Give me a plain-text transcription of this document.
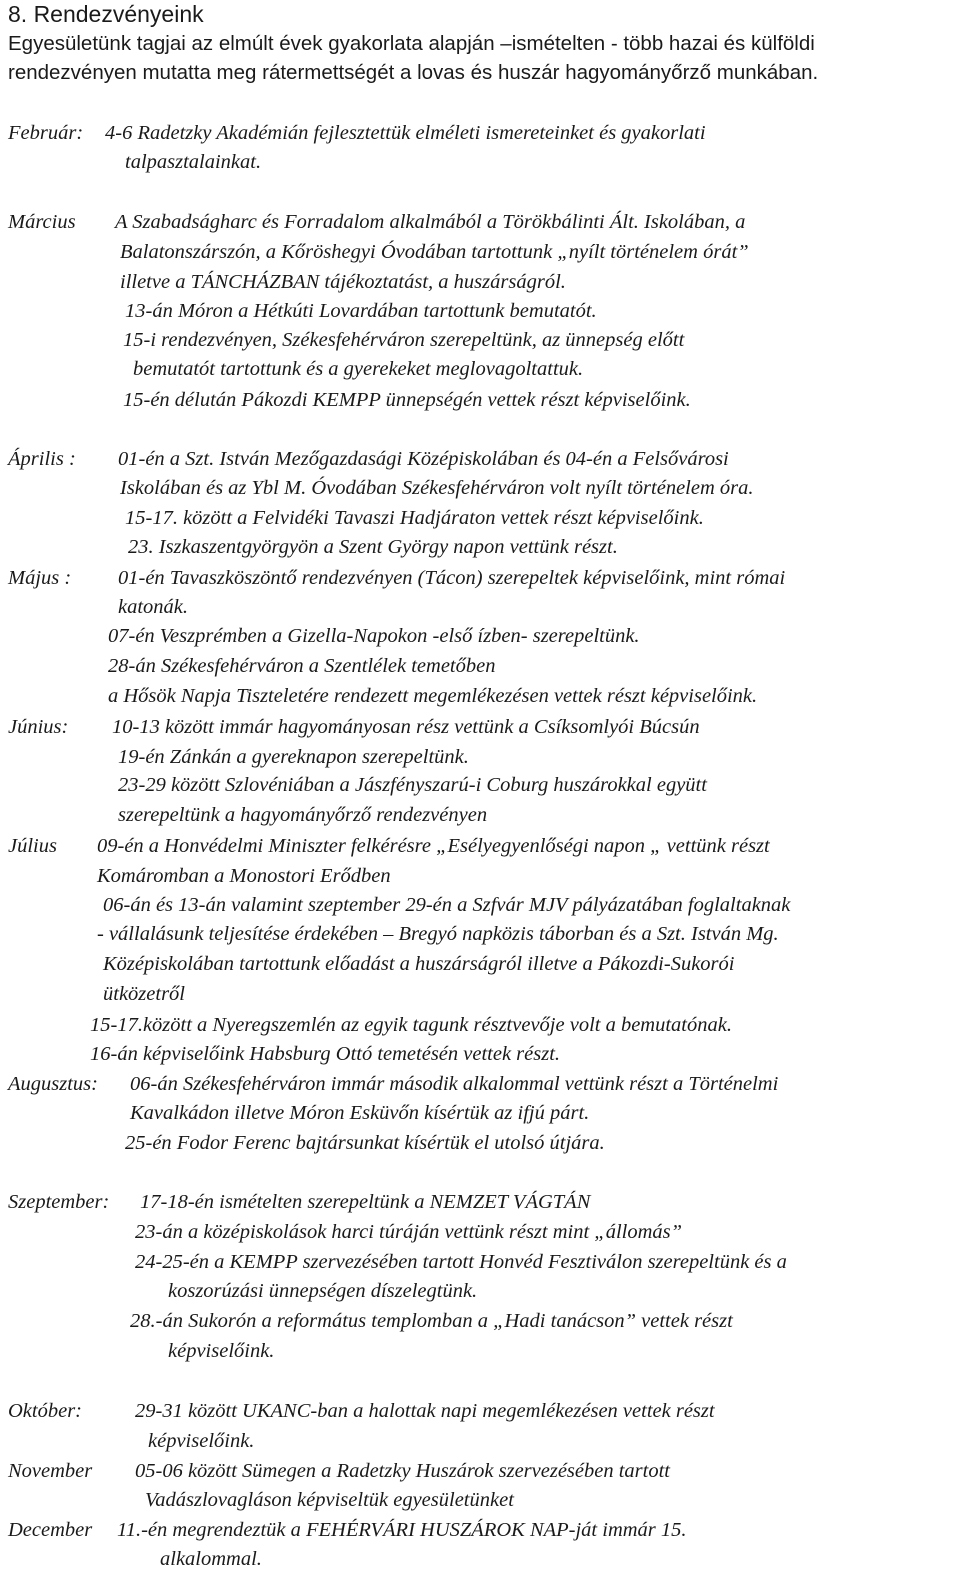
8. Rendezvényeink
Egyesületünk tagjai az elmúlt évek gyakorlata alapján –ismételten - több hazai és külföldi
rendezvényen mutatta meg rátermettségét a lovas és huszár hagyományőrző munkában.
Február: 4-6 Radetzky Akadémián fejlesztettük elméleti ismereteinket és gyakorlati
talpasztalainkat.
Március A Szabadságharc és Forradalom alkalmából a Törökbálinti Ált. Iskolában, a
Balatonszárszón, a Kőröshegyi Óvodában tartottunk „nyílt történelem órát”
illetve a TÁNCHÁZBAN tájékoztatást, a huszárságról.
13-án Móron a Hétkúti Lovardában tartottunk bemutatót.
15-i rendezvényen, Székesfehérváron szerepeltünk, az ünnepség előtt
bemutatót tartottunk és a gyerekeket meglovagoltattuk.
15-én délután Pákozdi KEMPP ünnepségén vettek részt képviselőink.
Április : 01-én a Szt. István Mezőgazdasági Középiskolában és 04-én a Felsővárosi
Iskolában és az Ybl M. Óvodában Székesfehérváron volt nyílt történelem óra.
15-17. között a Felvidéki Tavaszi Hadjáraton vettek részt képviselőink.
23. Iszkaszentgyörgyön a Szent György napon vettünk részt.
Május : 01-én Tavaszköszöntő rendezvényen (Tácon) szerepeltek képviselőink, mint római
katonák.
07-én Veszprémben a Gizella-Napokon -első ízben- szerepeltünk.
28-án Székesfehérváron a Szentlélek temetőben
a Hősök Napja Tiszteletére rendezett megemlékezésen vettek részt képviselőink.
Június: 10-13 között immár hagyományosan rész vettünk a Csíksomlyói Búcsún
19-én Zánkán a gyereknapon szerepeltünk.
23-29 között Szlovéniában a Jászfényszarú-i Coburg huszárokkal együtt
szerepeltünk a hagyományőrző rendezvényen
Július 09-én a Honvédelmi Miniszter felkérésre „Esélyegyenlőségi napon „ vettünk részt
Komáromban a Monostori Erődben
06-án és 13-án valamint szeptember 29-én a Szfvár MJV pályázatában foglaltaknak
- vállalásunk teljesítése érdekében – Bregyó napközis táborban és a Szt. István Mg.
Középiskolában tartottunk előadást a huszárságról illetve a Pákozdi-Sukorói
ütközetről
15-17.között a Nyeregszemlén az egyik tagunk résztvevője volt a bemutatónak.
16-án képviselőink Habsburg Ottó temetésén vettek részt.
Augusztus: 06-án Székesfehérváron immár második alkalommal vettünk részt a Történelmi
Kavalkádon illetve Móron Esküvőn kísértük az ifjú párt.
25-én Fodor Ferenc bajtársunkat kísértük el utolsó útjára.
Szeptember: 17-18-én ismételten szerepeltünk a NEMZET VÁGTÁN
23-án a középiskolások harci túráján vettünk részt mint „állomás”
24-25-én a KEMPP szervezésében tartott Honvéd Fesztiválon szerepeltünk és a
koszorúzási ünnepségen díszelegtünk.
28.-án Sukorón a református templomban a „Hadi tanácson” vettek részt
képviselőink.
Október:	29-31 között UKANC-ban a halottak napi megemlékezésen vettek részt
képviselőink.
November 05-06 között Sümegen a Radetzky Huszárok szervezésében tartott
Vadászlovagláson képviseltük egyesületünket
December 11.-én megrendeztük a FEHÉRVÁRI HUSZÁROK NAP-ját immár 15.
alkalommal.
